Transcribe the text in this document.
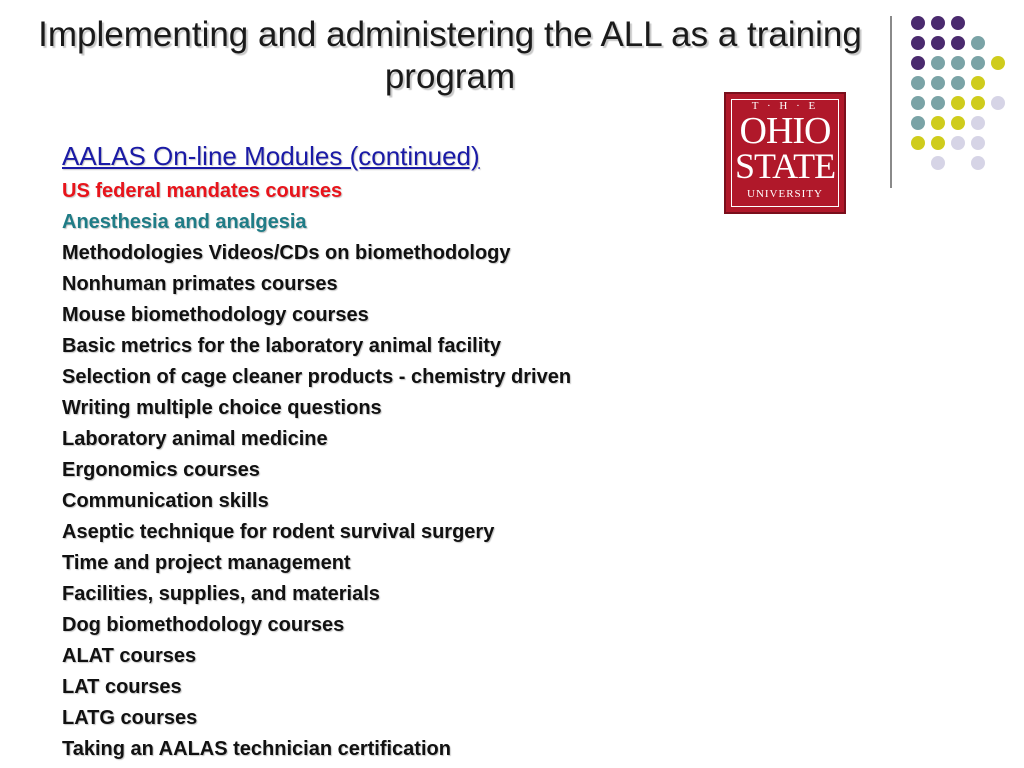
Implementing and administering the ALL as a training program
T · H · E
OHIO
STATE
UNIVERSITY
AALAS On-line Modules (continued)
US federal mandates courses
Anesthesia and analgesia
Methodologies Videos/CDs on biomethodology
Nonhuman primates courses
Mouse biomethodology courses
Basic metrics for the laboratory animal facility
Selection of cage cleaner products - chemistry driven
Writing multiple choice questions
Laboratory animal medicine
Ergonomics courses
Communication skills
Aseptic technique for rodent survival surgery
Time and project management
Facilities, supplies, and materials
Dog biomethodology courses
ALAT courses
LAT courses
LATG courses
Taking an AALAS technician certification
